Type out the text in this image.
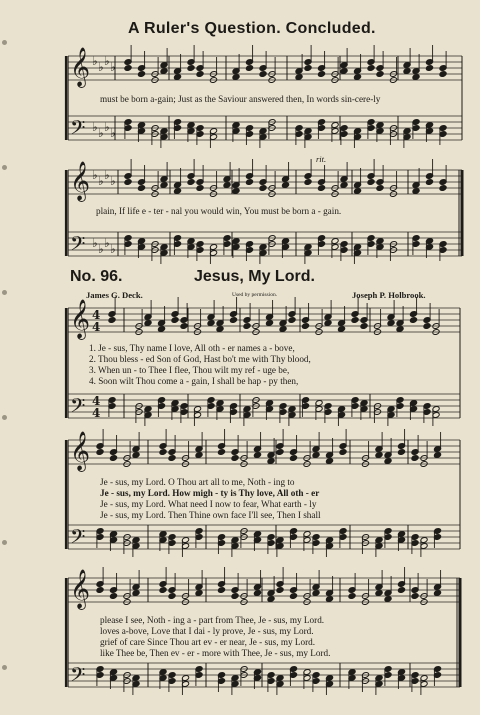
𝄞
𝄢
♭ ♭ ♭ ♭
♭ ♭ ♭ ♭
𝄞
𝄢
♭ ♭ ♭ ♭
♭ ♭ ♭ ♭
𝄞
𝄢
4
4
4
4
𝄞
𝄢
𝄞
𝄢
A Ruler's Question. Concluded.
must be born a-gain; Just as the Saviour answered then, In words sin-cere-ly
plain, If life e - ter - nal you would win, You must be born a - gain.
rit.
No. 96.	Jesus, My Lord.
James G. Deck.	Used by permission.	Joseph P. Holbrook.
1. Je - sus, Thy name I love, All oth - er names a - bove,
2. Thou bless - ed Son of God, Hast bo't me with Thy blood,
3. When un - to Thee I flee, Thou wilt my ref - uge be,
4. Soon wilt Thou come a - gain, I shall be hap - py then,
Je - sus, my Lord. O Thou art all to me, Noth - ing to
Je - sus, my Lord. How migh - ty is Thy love, All oth - er
Je - sus, my Lord. What need I now to fear, What earth - ly
Je - sus, my Lord. Then Thine own face I'll see, Then I shall
please I see, Noth - ing a - part from Thee, Je - sus, my Lord.
loves a-bove, Love that I dai - ly prove, Je - sus, my Lord.
grief of care Since Thou art ev - er near, Je - sus, my Lord.
like Thee be, Then ev - er - more with Thee, Je - sus, my Lord.
